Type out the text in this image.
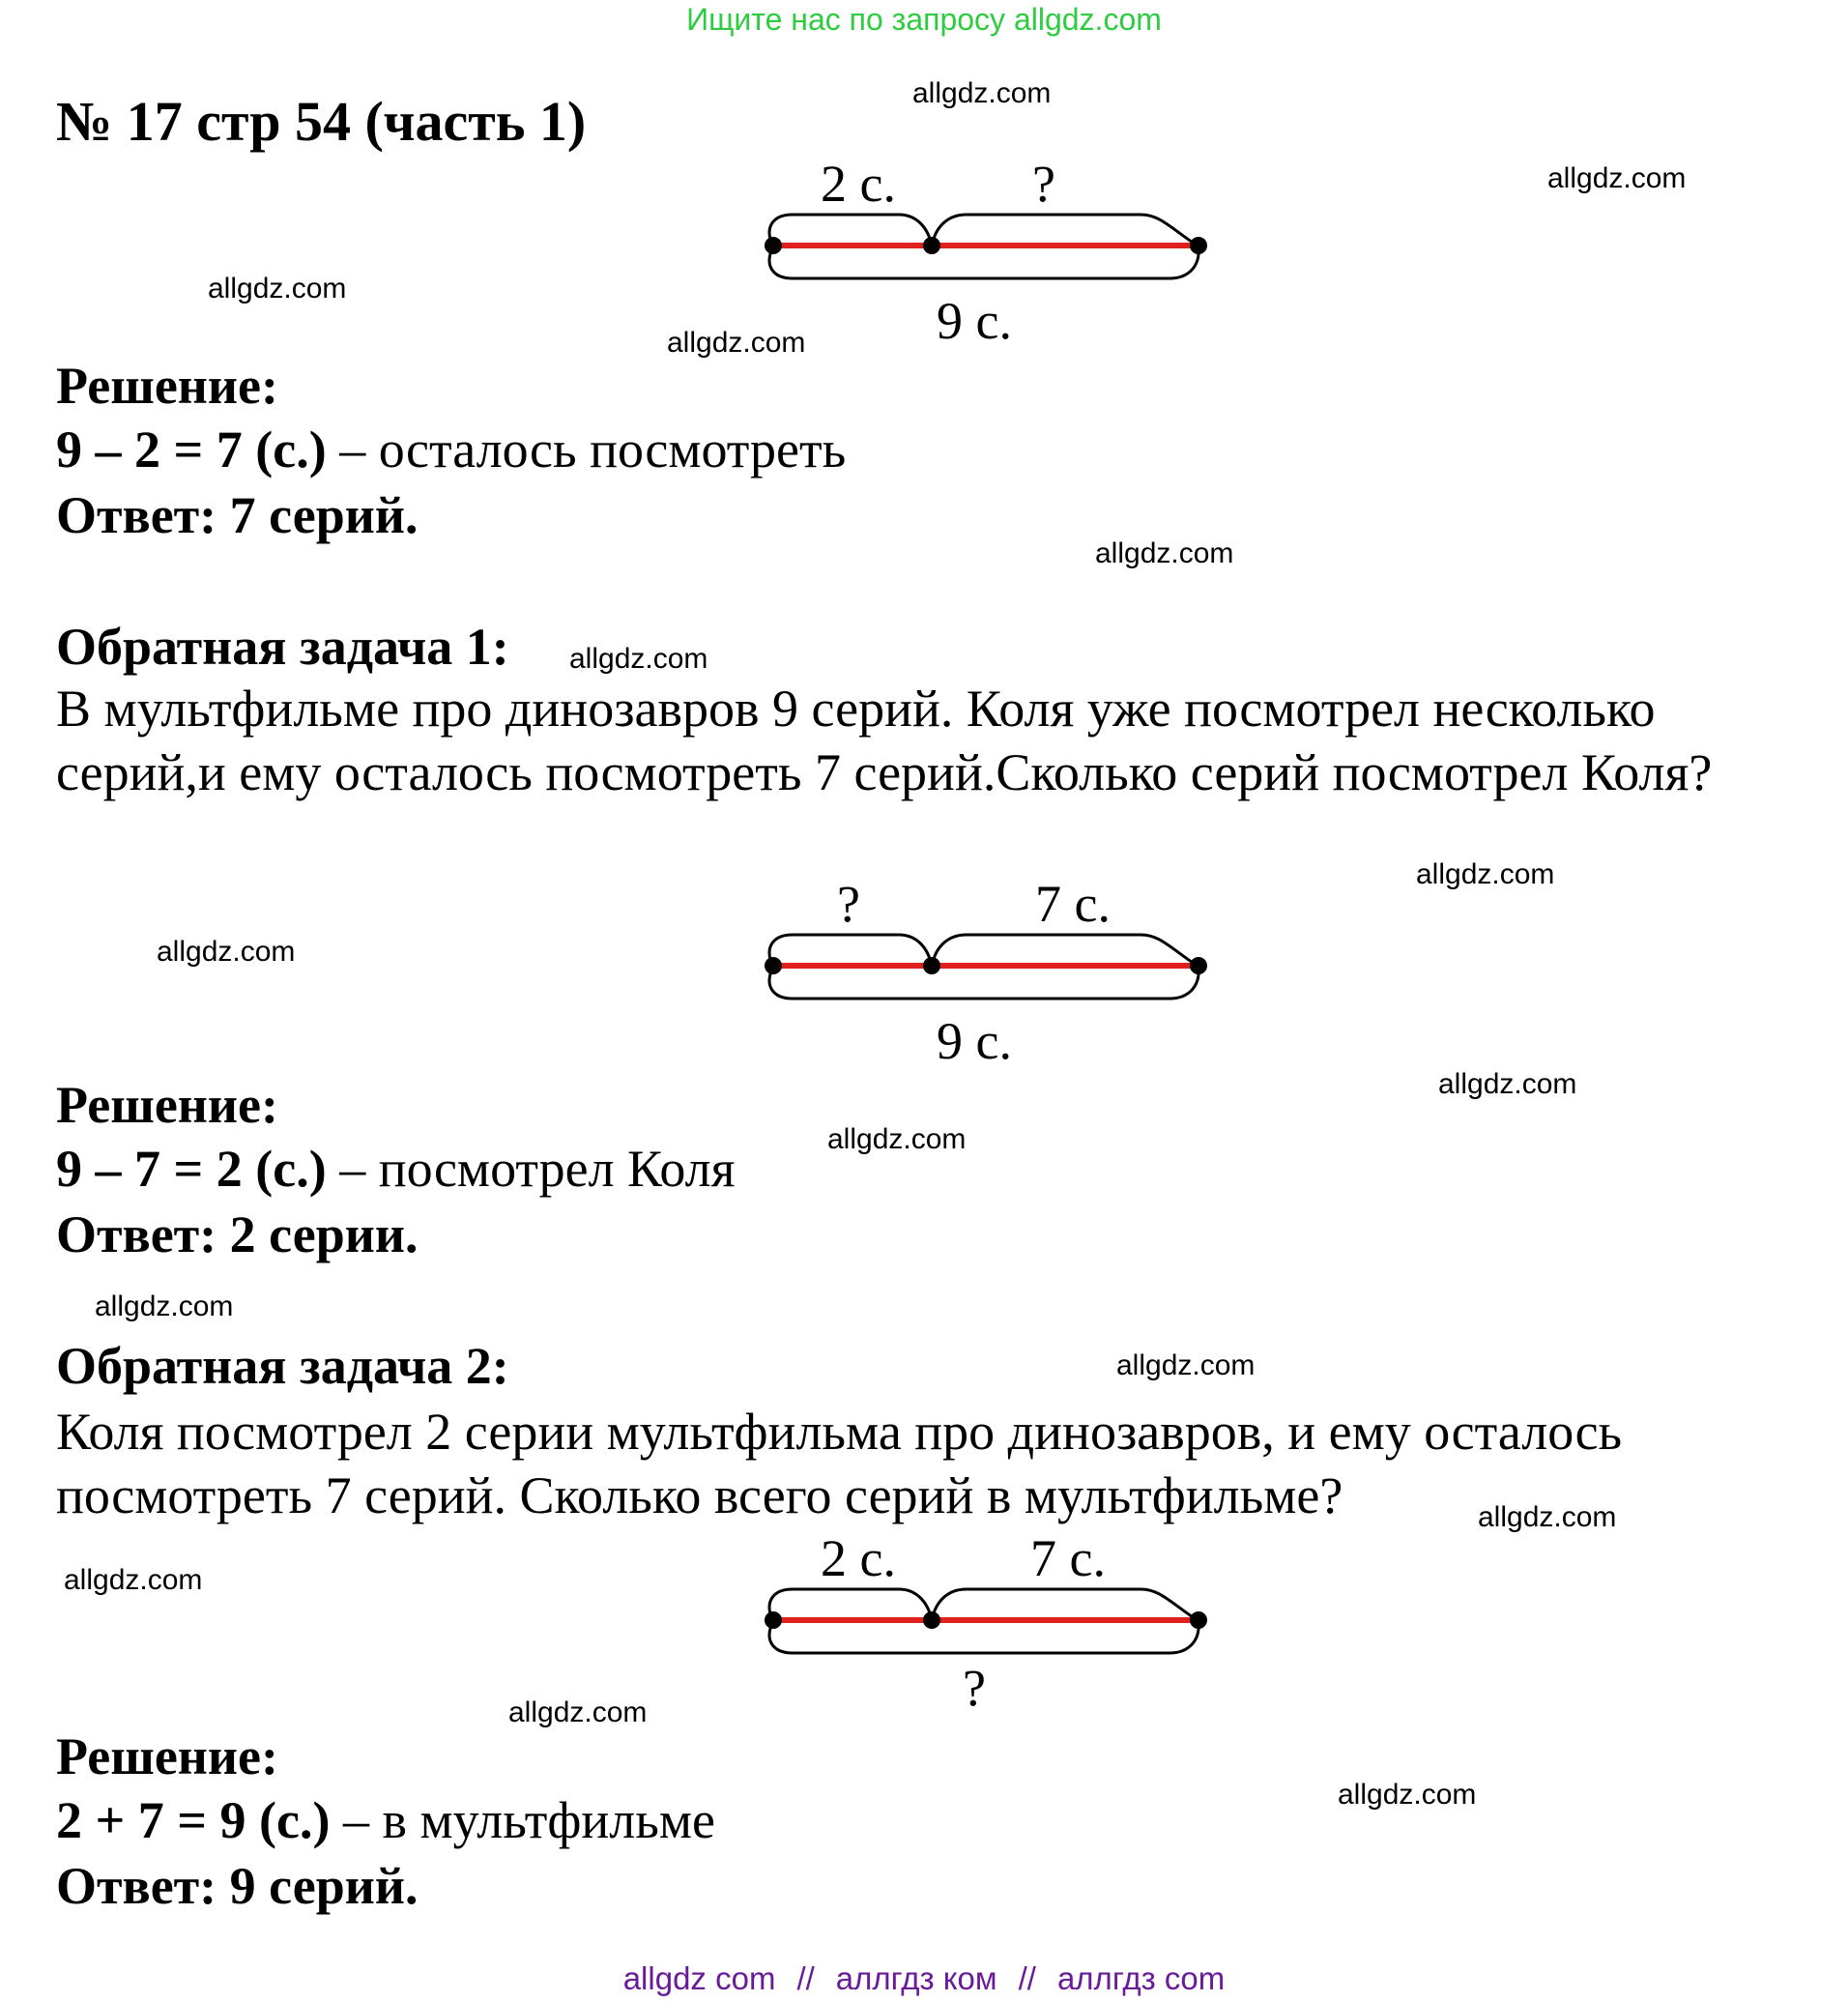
Ищите нас по запросу allgdz.com
allgdz.com
allgdz.com
allgdz.com
allgdz.com
allgdz.com
allgdz.com
allgdz.com
allgdz.com
allgdz.com
allgdz.com
allgdz.com
allgdz.com
allgdz.com
allgdz.com
allgdz.com
allgdz.com
№ 17 стр 54 (часть 1)
2 с.	?
9 с.
Решение:
9 – 2 = 7 (с.) – осталось посмотреть
Ответ: 7 серий.
Обратная задача 1:
В мультфильме про динозавров 9 серий. Коля уже посмотрел несколько серий,и ему осталось посмотреть 7 серий.Сколько серий посмотрел Коля?
?	7 с.
9 с.
Решение:
9 – 7 = 2 (с.) – посмотрел Коля
Ответ: 2 серии.
Обратная задача 2:
Коля посмотрел 2 серии мультфильма про динозавров, и ему осталось посмотреть 7 серий. Сколько всего серий в мультфильме?
2 с.	7 с.
?
Решение:
2 + 7 = 9 (с.) – в мультфильме
Ответ: 9 серий.
allgdz com // аллгдз ком // аллгдз com
